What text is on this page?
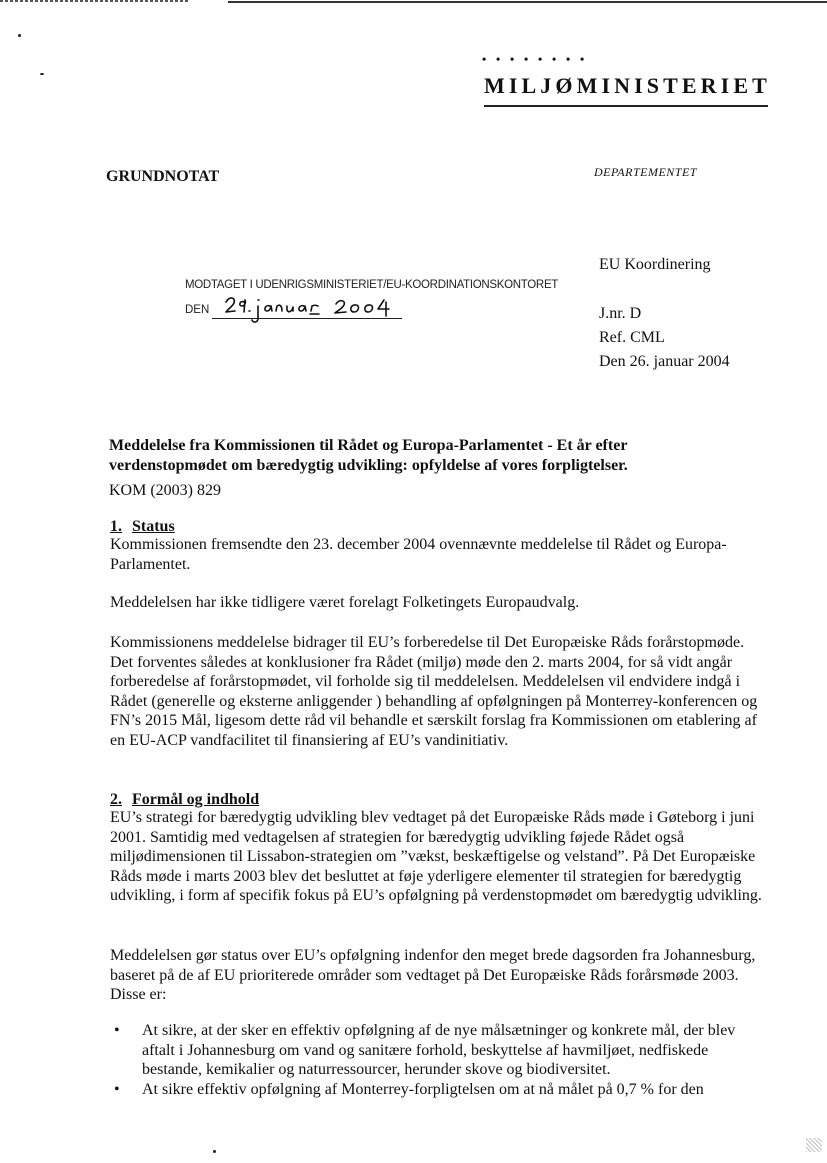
• • • • • • • •
MILJØMINISTERIET
GRUNDNOTAT	DEPARTEMENTET
EU Koordinering
J.nr. D
Ref. CML
Den 26. januar 2004
MODTAGET I UDENRIGSMINISTERIET/EU-KOORDINATIONSKONTORET
DEN
Meddelelse fra Kommissionen til Rådet og Europa-Parlamentet - Et år efter verdenstopmødet om bæredygtig udvikling: opfyldelse af vores forpligtelser.
KOM (2003) 829
1. Status
Kommissionen fremsendte den 23. december 2004 ovennævnte meddelelse til Rådet og Europa-Parlamentet.
Meddelelsen har ikke tidligere været forelagt Folketingets Europaudvalg.
Kommissionens meddelelse bidrager til EU’s forberedelse til Det Europæiske Råds forårstopmøde. Det forventes således at konklusioner fra Rådet (miljø) møde den 2. marts 2004, for så vidt angår forberedelse af forårstopmødet, vil forholde sig til meddelelsen. Meddelelsen vil endvidere indgå i Rådet (generelle og eksterne anliggender ) behandling af opfølgningen på Monterrey-konferencen og FN’s 2015 Mål, ligesom dette råd vil behandle et særskilt forslag fra Kommissionen om etablering af en EU-ACP vandfacilitet til finansiering af EU’s vandinitiativ.
2. Formål og indhold
EU’s strategi for bæredygtig udvikling blev vedtaget på det Europæiske Råds møde i Gøteborg i juni 2001. Samtidig med vedtagelsen af strategien for bæredygtig udvikling føjede Rådet også miljødimensionen til Lissabon-strategien om ”vækst, beskæftigelse og velstand”. På Det Europæiske Råds møde i marts 2003 blev det besluttet at føje yderligere elementer til strategien for bæredygtig udvikling, i form af specifik fokus på EU’s opfølgning på verdenstopmødet om bæredygtig udvikling.
Meddelelsen gør status over EU’s opfølgning indenfor den meget brede dagsorden fra Johannesburg, baseret på de af EU prioriterede områder som vedtaget på Det Europæiske Råds forårsmøde 2003. Disse er:
• At sikre, at der sker en effektiv opfølgning af de nye målsætninger og konkrete mål, der blev aftalt i Johannesburg om vand og sanitære forhold, beskyttelse af havmiljøet, nedfiskede bestande, kemikalier og naturressourcer, herunder skove og biodiversitet.
• At sikre effektiv opfølgning af Monterrey-forpligtelsen om at nå målet på 0,7 % for den
